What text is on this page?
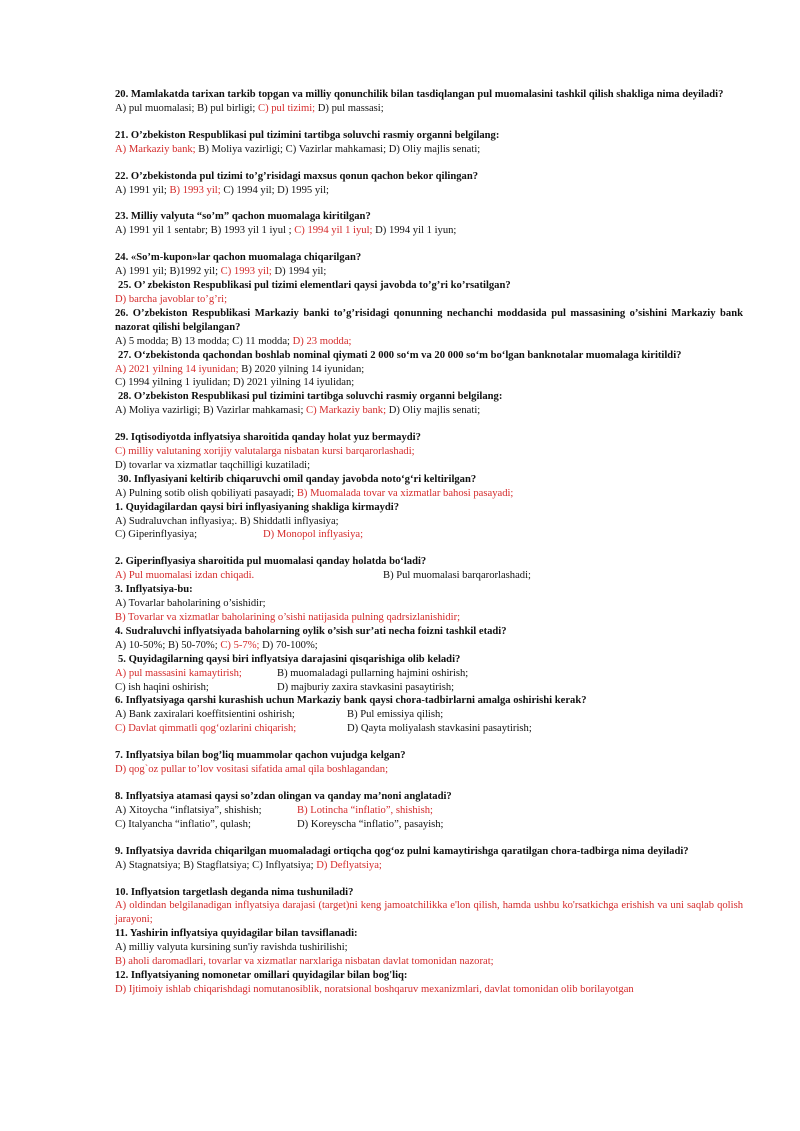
20. Mamlakatda tarixan tarkib topgan va milliy qonunchilik bilan tasdiqlangan pul muomalasini tashkil qilish shakliga nima deyiladi?
A) pul muomalasi; B) pul birligi; C) pul tizimi; D) pul massasi;
21. O’zbekiston Respublikasi pul tizimini tartibga soluvchi rasmiy organni belgilang:
A) Markaziy bank; B) Moliya vazirligi; C) Vazirlar mahkamasi; D) Oliy majlis senati;
22. O’zbekistonda pul tizimi to’g’risidagi maxsus qonun qachon bekor qilingan?
A) 1991 yil; B) 1993 yil; C) 1994 yil; D) 1995 yil;
23. Milliy valyuta “so’m” qachon muomalaga kiritilgan?
A) 1991 yil 1 sentabr; B) 1993 yil 1 iyul ; C) 1994 yil 1 iyul; D) 1994 yil 1 iyun;
24. «So’m-kupon»lar qachon muomalaga chiqarilgan?
A) 1991 yil; B)1992 yil; C) 1993 yil; D) 1994 yil;
25. O’ zbekiston Respublikasi pul tizimi elementlari qaysi javobda to’g’ri ko’rsatilgan?
D) barcha javoblar to’g’ri;
26. O’zbekiston Respublikasi Markaziy banki to’g’risidagi qonunning nechanchi moddasida pul massasining o’sishini Markaziy bank nazorat qilishi belgilangan?
A) 5 modda; B) 13 modda; C) 11 modda; D) 23 modda;
27. O‘zbekistonda qachondan boshlab nominal qiymati 2 000 so‘m va 20 000 so‘m bo‘lgan banknotalar muomalaga kiritildi?
A) 2021 yilning 14 iyunidan; B) 2020 yilning 14 iyunidan;
C) 1994 yilning 1 iyulidan; D) 2021 yilning 14 iyulidan;
28. O’zbekiston Respublikasi pul tizimini tartibga soluvchi rasmiy organni belgilang:
A) Moliya vazirligi; B) Vazirlar mahkamasi; C) Markaziy bank; D) Oliy majlis senati;
29. Iqtisodiyotda inflyatsiya sharoitida qanday holat yuz bermaydi?
C) milliy valutaning xorijiy valutalarga nisbatan kursi barqarorlashadi;
D) tovarlar va xizmatlar taqchilligi kuzatiladi;
30. Inflyasiyani keltirib chiqaruvchi omil qanday javobda noto‘g‘ri keltirilgan?
A) Pulning sotib olish qobiliyati pasayadi; B) Muomalada tovar va xizmatlar bahosi pasayadi;
1. Quyidagilardan qaysi biri inflyasiyaning shakliga kirmaydi?
A) Sudraluvchan inflyasiya;. B) Shiddatli inflyasiya;
C) Giperinflyasiya;	D) Monopol inflyasiya;
2. Giperinflyasiya sharoitida pul muomalasi qanday holatda bo‘ladi?
A) Pul muomalasi izdan chiqadi.	B) Pul muomalasi barqarorlashadi;
3. Inflyatsiya-bu:
A) Tovarlar baholarining o’sishidir;
B) Tovarlar va xizmatlar baholarining o’sishi natijasida pulning qadrsizlanishidir;
4. Sudraluvchi inflyatsiyada baholarning oylik o’sish sur’ati necha foizni tashkil etadi?
A) 10-50%; B) 50-70%; C) 5-7%; D) 70-100%;
5. Quyidagilarning qaysi biri inflyatsiya darajasini qisqarishiga olib keladi?
A) pul massasini kamaytirish;	B) muomaladagi pullarning hajmini oshirish;
C) ish haqini oshirish;	D) majburiy zaxira stavkasini pasaytirish;
6. Inflyatsiyaga qarshi kurashish uchun Markaziy bank qaysi chora-tadbirlarni amalga oshirishi kerak?
A) Bank zaxiralari koeffitsientini oshirish;	B) Pul emissiya qilish;
C) Davlat qimmatli qog‘ozlarini chiqarish;	D) Qayta moliyalash stavkasini pasaytirish;
7. Inflyatsiya bilan bog’liq muammolar qachon vujudga kelgan?
D) qog`oz pullar to’lov vositasi sifatida amal qila boshlagandan;
8. Inflyatsiya atamasi qaysi so’zdan olingan va qanday ma’noni anglatadi?
A) Xitoycha “inflatsiya”, shishish;	B) Lotincha “inflatio”, shishish;
C) Italyancha “inflatio”, qulash;	D) Koreyscha “inflatio”, pasayish;
9. Inflyatsiya davrida chiqarilgan muomaladagi ortiqcha qog‘oz pulni kamaytirishga qaratilgan chora-tadbirga nima deyiladi?
A) Stagnatsiya; B) Stagflatsiya; C) Inflyatsiya; D) Deflyatsiya;
10. Inflyatsion targetlash deganda nima tushuniladi?
A) oldindan belgilanadigan inflyatsiya darajasi (target)ni keng jamoatchilikka e'lon qilish, hamda ushbu ko'rsatkichga erishish va uni saqlab qolish jarayoni;
11. Yashirin inflyatsiya quyidagilar bilan tavsiflanadi:
A) milliy valyuta kursining sun'iy ravishda tushirilishi;
B) aholi daromadlari, tovarlar va xizmatlar narxlariga nisbatan davlat tomonidan nazorat;
12. Inflyatsiyaning nomonetar omillari quyidagilar bilan bog'liq:
D) Ijtimoiy ishlab chiqarishdagi nomutanosiblik, noratsional boshqaruv mexanizmlari, davlat tomonidan olib borilayotgan
